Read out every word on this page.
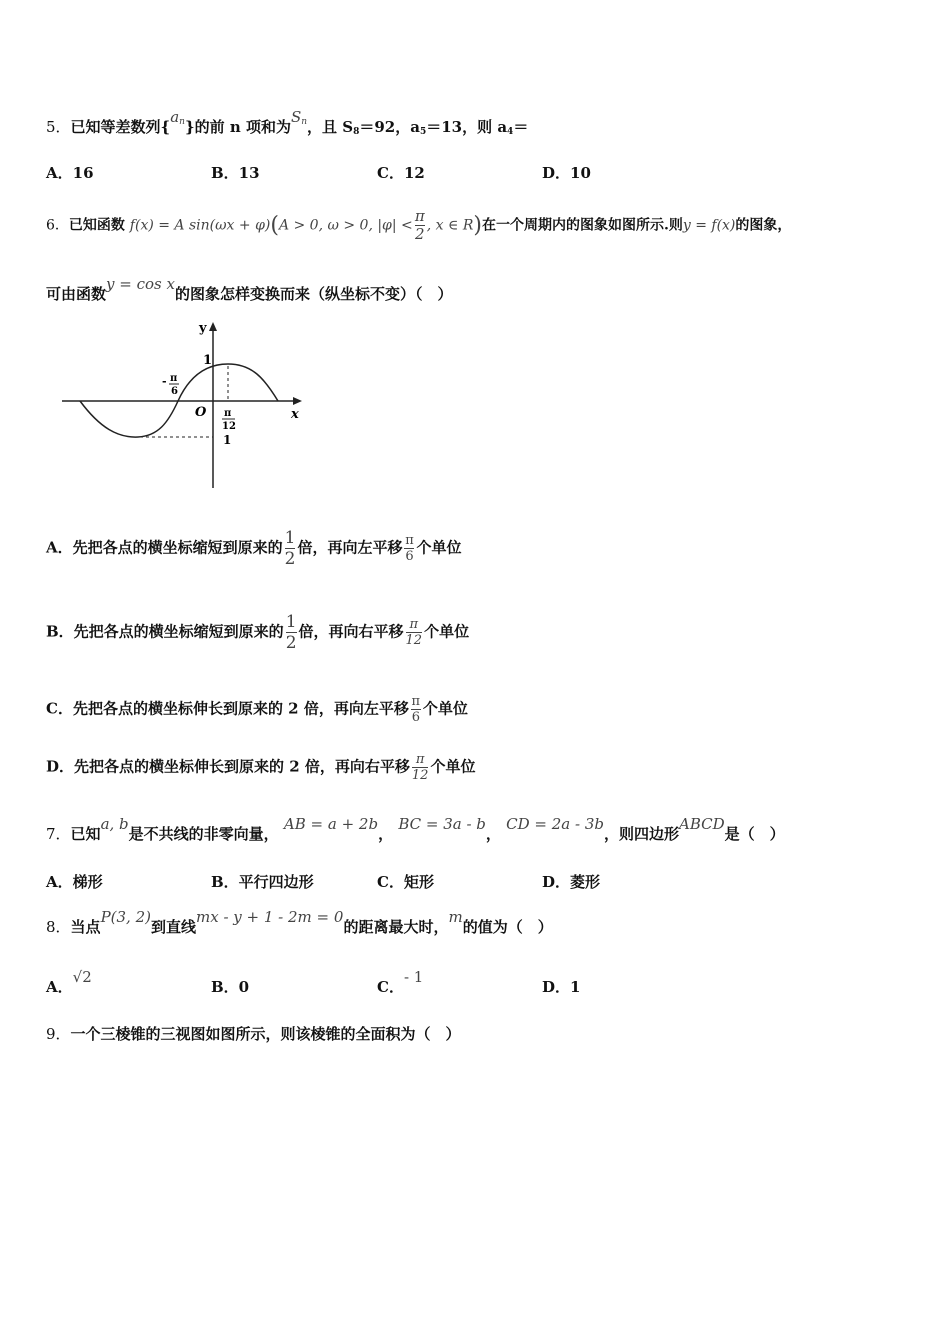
5．已知等差数列$\{a_n\}$的前 n 项和为$S_n$，且 $S_8=92$，$a_5=13$，则 $a_4=$
A．16	B．13	C．12	D．10
6．已知函数 f(x) = A sin(ωx + φ)(A > 0, ω > 0, $|\varphi| < \frac{\pi}{2}$ , x ∈ R)在一个周期内的图象如图所示.则y = f(x)的图象，
可由函数y = cos x的图象怎样变换而来（纵坐标不变）（　）
y
x
O
1
- π
6
π
12
1
A．先把各点的横坐标缩短到原来的 $\frac{1}{2}$ 倍，再向左平移 $\frac{\pi}{6}$ 个单位
B．先把各点的横坐标缩短到原来的 $\frac{1}{2}$ 倍，再向右平移 $\frac{\pi}{12}$ 个单位
C．先把各点的横坐标伸长到原来的 2 倍，再向左平移 $\frac{\pi}{6}$ 个单位
D．先把各点的横坐标伸长到原来的 2 倍，再向右平移 $\frac{\pi}{12}$ 个单位
7．已知a, b是不共线的非零向量， AB = a + 2b， BC = 3a - b， CD = 2a - 3b，则四边形ABCD是（　）
A．梯形	B．平行四边形	C．矩形	D．菱形
8．当点P(3, 2)到直线mx - y + 1 - 2m = 0的距离最大时，m的值为（　）
A．√2
B．0	C．- 1
D．1
9．一个三棱锥的三视图如图所示，则该棱锥的全面积为（　）
